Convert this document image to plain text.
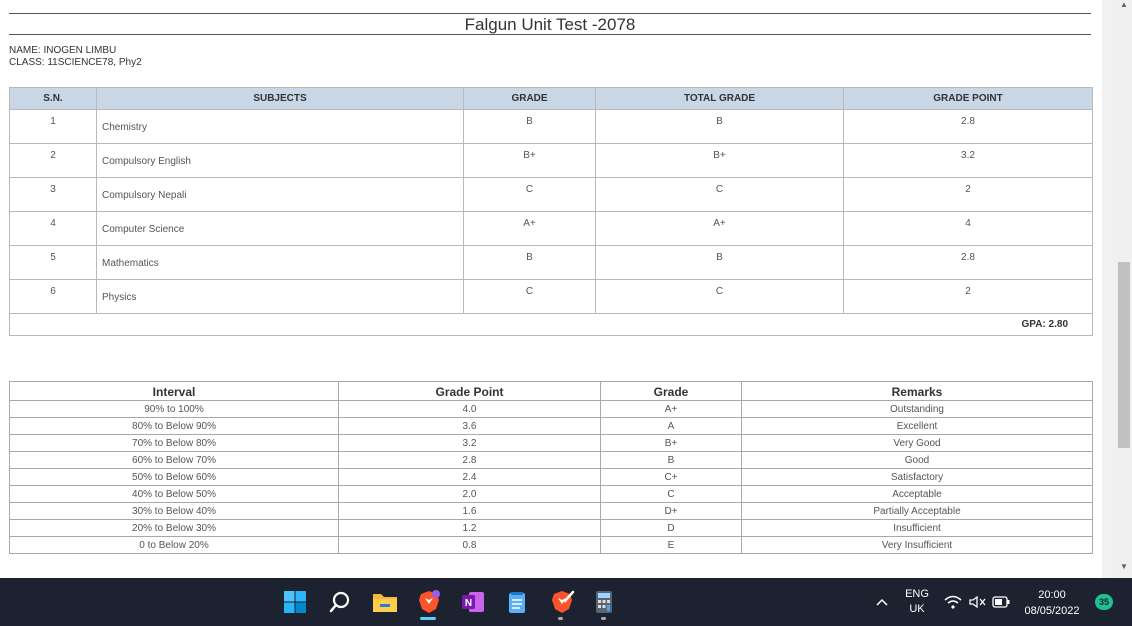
Falgun Unit Test -2078
NAME: INOGEN LIMBU
CLASS: 11SCIENCE78, Phy2
S.N.	SUBJECTS	GRADE	TOTAL GRADE	GRADE POINT
1	Chemistry	B	B	2.8
2	Compulsory English	B+	B+	3.2
3	Compulsory Nepali	C	C	2
4	Computer Science	A+	A+	4
5	Mathematics	B	B	2.8
6	Physics	C	C	2
GPA: 2.80				
Interval	Grade Point	Grade	Remarks
90% to 100%	4.0	A+	Outstanding
80% to Below 90%	3.6	A	Excellent
70% to Below 80%	3.2	B+	Very Good
60% to Below 70%	2.8	B	Good
50% to Below 60%	2.4	C+	Satisfactory
40% to Below 50%	2.0	C	Acceptable
30% to Below 40%	1.6	D+	Partially Acceptable
20% to Below 30%	1.2	D	Insufficient
0 to Below 20%	0.8	E	Very Insufficient
▲
▼
N
ENG
UK
20:00
08/05/2022
35
